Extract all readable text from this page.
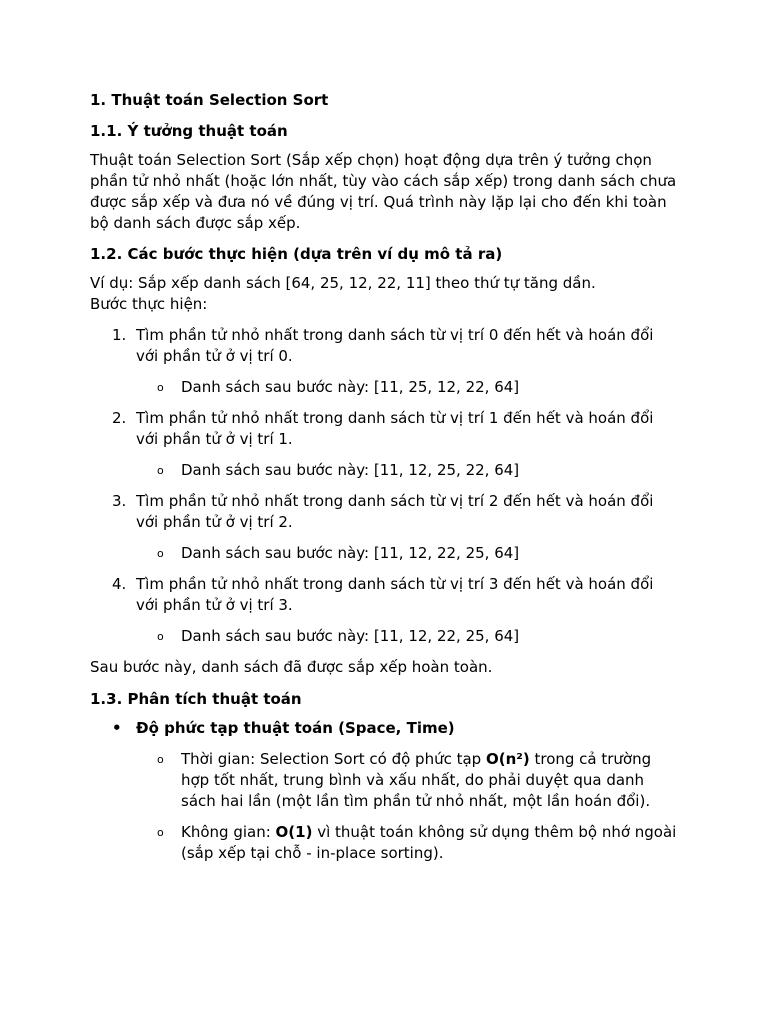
1. Thuật toán Selection Sort
1.1. Ý tưởng thuật toán
Thuật toán Selection Sort (Sắp xếp chọn) hoạt động dựa trên ý tưởng chọn phần tử nhỏ nhất (hoặc lớn nhất, tùy vào cách sắp xếp) trong danh sách chưa được sắp xếp và đưa nó về đúng vị trí. Quá trình này lặp lại cho đến khi toàn bộ danh sách được sắp xếp.
1.2. Các bước thực hiện (dựa trên ví dụ mô tả ra)
Ví dụ: Sắp xếp danh sách [64, 25, 12, 22, 11] theo thứ tự tăng dần.
Bước thực hiện:
1. Tìm phần tử nhỏ nhất trong danh sách từ vị trí 0 đến hết và hoán đổi với phần tử ở vị trí 0.
o Danh sách sau bước này: [11, 25, 12, 22, 64]
2. Tìm phần tử nhỏ nhất trong danh sách từ vị trí 1 đến hết và hoán đổi với phần tử ở vị trí 1.
o Danh sách sau bước này: [11, 12, 25, 22, 64]
3. Tìm phần tử nhỏ nhất trong danh sách từ vị trí 2 đến hết và hoán đổi với phần tử ở vị trí 2.
o Danh sách sau bước này: [11, 12, 22, 25, 64]
4. Tìm phần tử nhỏ nhất trong danh sách từ vị trí 3 đến hết và hoán đổi với phần tử ở vị trí 3.
o Danh sách sau bước này: [11, 12, 22, 25, 64]
Sau bước này, danh sách đã được sắp xếp hoàn toàn.
1.3. Phân tích thuật toán
• Độ phức tạp thuật toán (Space, Time)
o Thời gian: Selection Sort có độ phức tạp O(n²) trong cả trường hợp tốt nhất, trung bình và xấu nhất, do phải duyệt qua danh sách hai lần (một lần tìm phần tử nhỏ nhất, một lần hoán đổi).
o Không gian: O(1) vì thuật toán không sử dụng thêm bộ nhớ ngoài (sắp xếp tại chỗ - in-place sorting).
